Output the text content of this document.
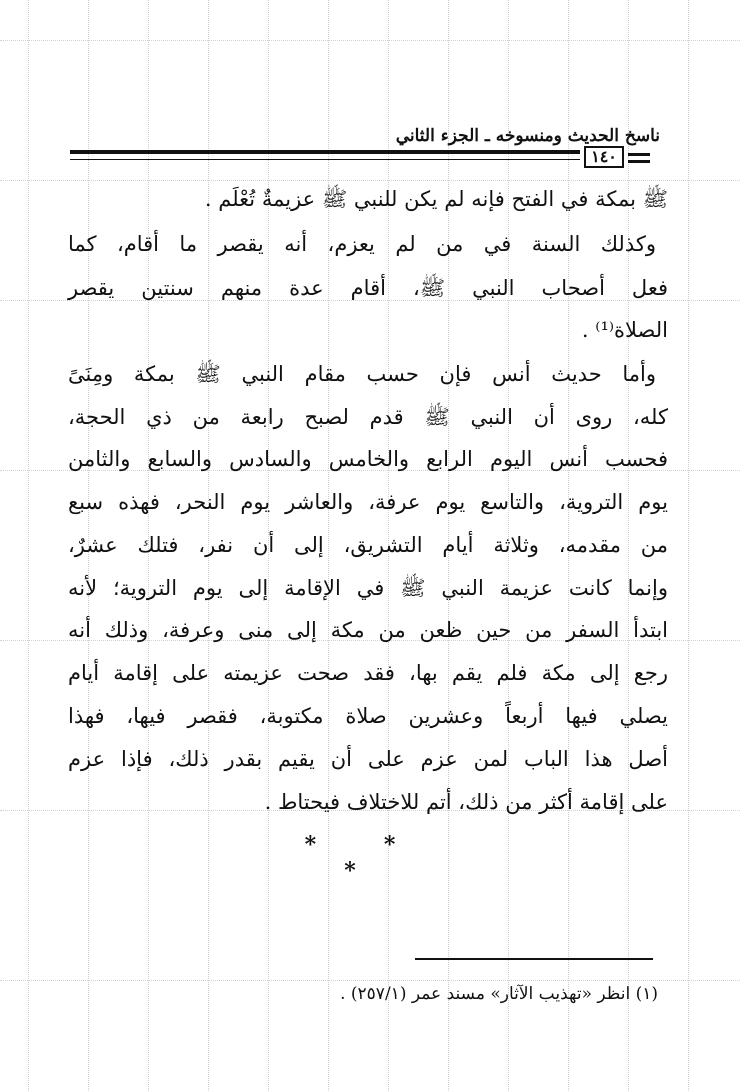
ناسخ الحديث ومنسوخه ـ الجزء الثاني
١٤٠
ﷺ بمكة في الفتح فإنه لم يكن للنبي ﷺ عزيمةٌ تُعْلَم .
وكذلك السنة في من لم يعزم، أنه يقصر ما أقام، كما
فعل أصحاب النبي ﷺ، أقام عدة منهم سنتين يقصر
الصلاة⁽¹⁾ .
وأما حديث أنس فإن حسب مقام النبي ﷺ بمكة ومِنَىً
كله، روى أن النبي ﷺ قدم لصبح رابعة من ذي الحجة،
فحسب أنس اليوم الرابع والخامس والسادس والسابع والثامن
يوم التروية، والتاسع يوم عرفة، والعاشر يوم النحر، فهذه سبع
من مقدمه، وثلاثة أيام التشريق، إلى أن نفر، فتلك عشرٌ،
وإنما كانت عزيمة النبي ﷺ في الإقامة إلى يوم التروية؛ لأنه
ابتدأ السفر من حين ظعن من مكة إلى منى وعرفة، وذلك أنه
رجع إلى مكة فلم يقم بها، فقد صحت عزيمته على إقامة أيام
يصلي فيها أربعاً وعشرين صلاة مكتوبة، فقصر فيها، فهذا
أصل هذا الباب لمن عزم على أن يقيم بقدر ذلك، فإذا عزم
على إقامة أكثر من ذلك، أتم للاختلاف فيحتاط .
* * *
(١) انظر «تهذيب الآثار» مسند عمر (٢٥٧/١) .
